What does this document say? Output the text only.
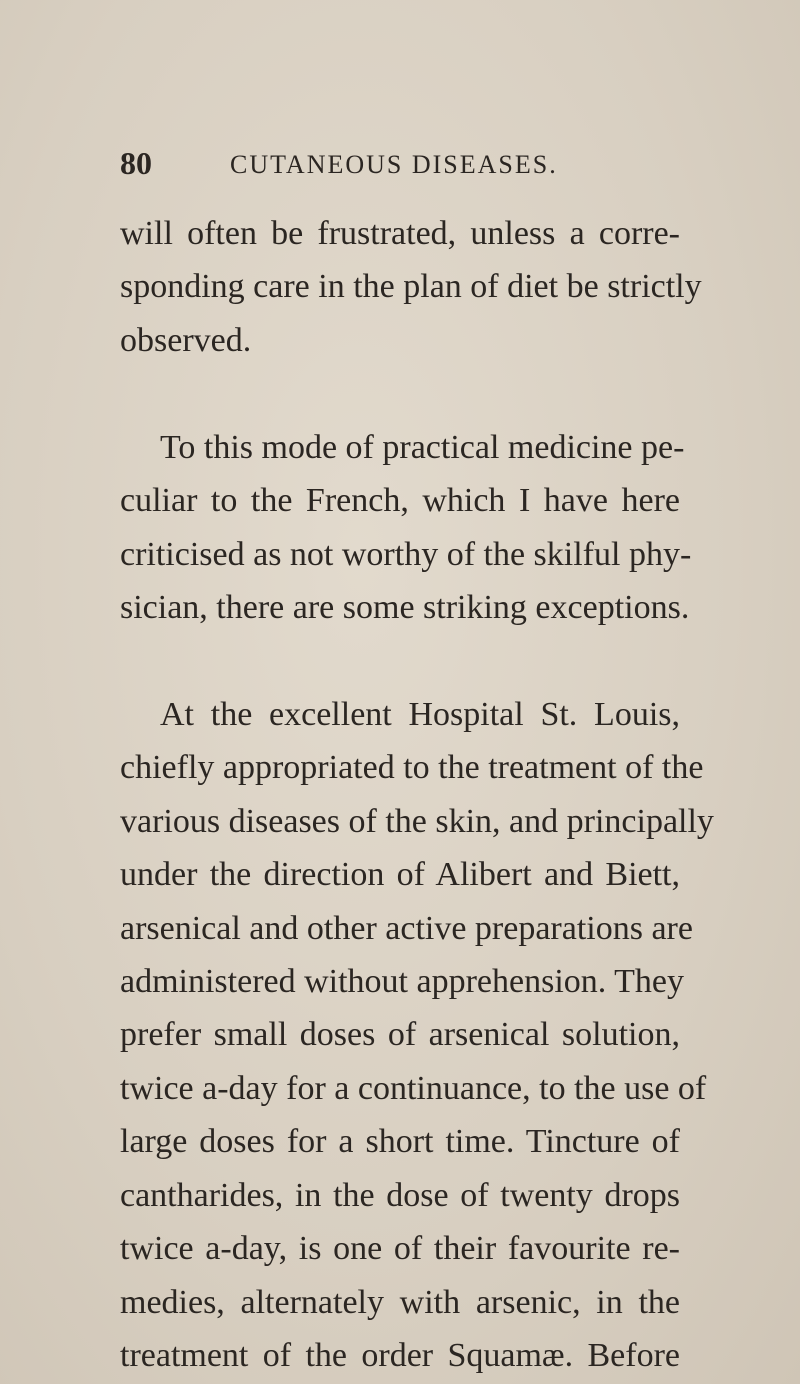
80	CUTANEOUS DISEASES.
will often be frustrated, unless a corre-
sponding care in the plan of diet be strictly
observed.
To this mode of practical medicine pe-
culiar to the French, which I have here
criticised as not worthy of the skilful phy-
sician, there are some striking exceptions.
At the excellent Hospital St. Louis,
chiefly appropriated to the treatment of the
various diseases of the skin, and principally
under the direction of Alibert and Biett,
arsenical and other active preparations are
administered without apprehension. They
prefer small doses of arsenical solution,
twice a-day for a continuance, to the use of
large doses for a short time. Tincture of
cantharides, in the dose of twenty drops
twice a-day, is one of their favourite re-
medies, alternately with arsenic, in the
treatment of the order Squamæ. Before
